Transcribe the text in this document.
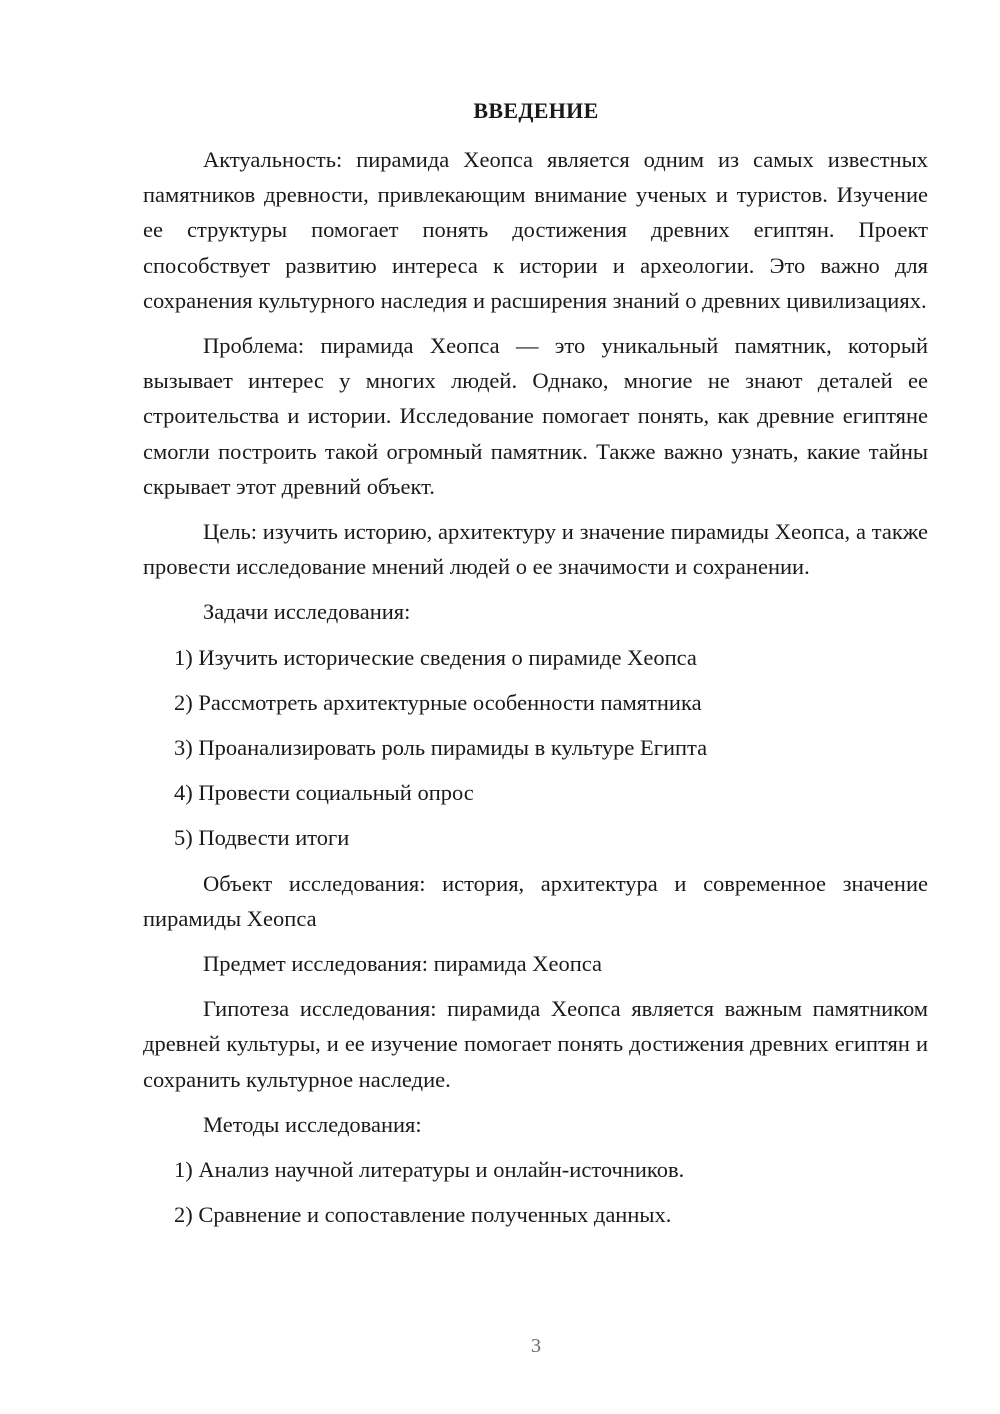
ВВЕДЕНИЕ

Актуальность: пирамида Хеопса является одним из самых известных памятников древности, привлекающим внимание ученых и туристов. Изучение ее структуры помогает понять достижения древних египтян. Проект способствует развитию интереса к истории и археологии. Это важно для сохранения культурного наследия и расширения знаний о древних цивилизациях.

Проблема: пирамида Хеопса — это уникальный памятник, который вызывает интерес у многих людей. Однако, многие не знают деталей ее строительства и истории. Исследование помогает понять, как древние египтяне смогли построить такой огромный памятник. Также важно узнать, какие тайны скрывает этот древний объект.

Цель: изучить историю, архитектуру и значение пирамиды Хеопса, а также провести исследование мнений людей о ее значимости и сохранении.

Задачи исследования:

1) Изучить исторические сведения о пирамиде Хеопса
2) Рассмотреть архитектурные особенности памятника
3) Проанализировать роль пирамиды в культуре Египта
4) Провести социальный опрос
5) Подвести итоги

Объект исследования: история, архитектура и современное значение пирамиды Хеопса

Предмет исследования: пирамида Хеопса

Гипотеза исследования: пирамида Хеопса является важным памятником древней культуры, и ее изучение помогает понять достижения древних египтян и сохранить культурное наследие.

Методы исследования:

1) Анализ научной литературы и онлайн-источников.
2) Сравнение и сопоставление полученных данных.
3
